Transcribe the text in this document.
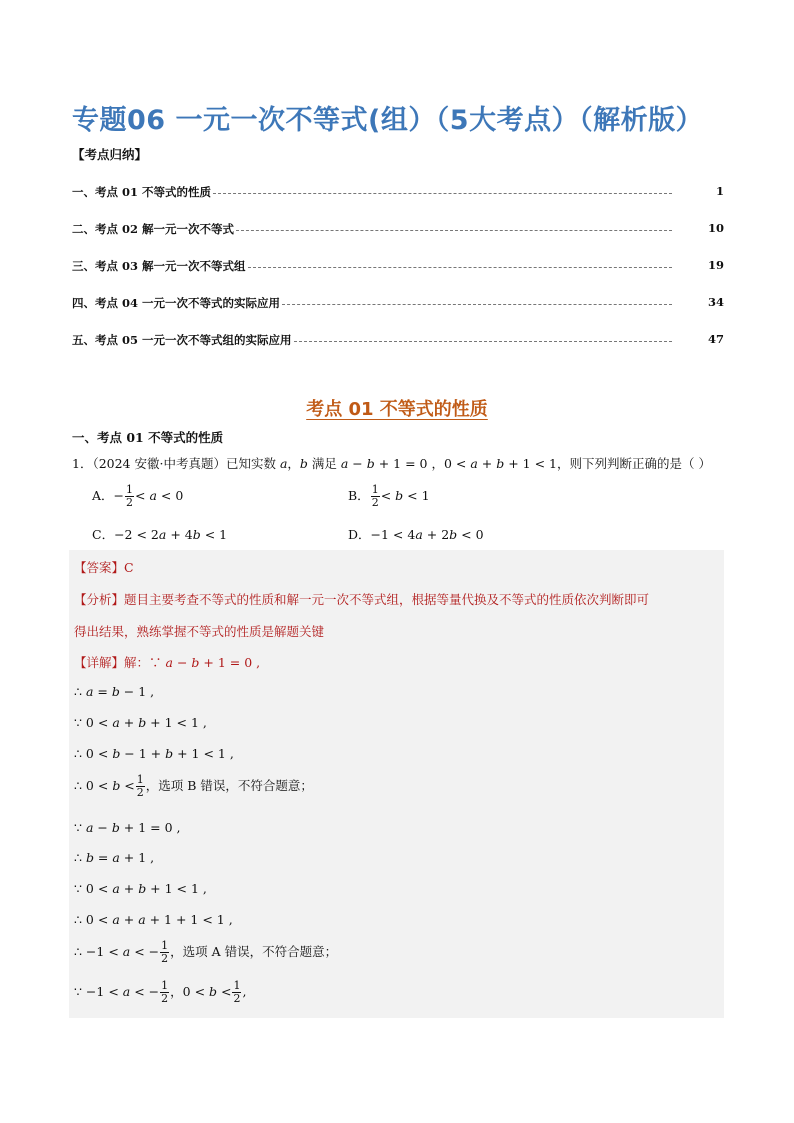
专题06 一元一次不等式(组）（5大考点）（解析版）
【考点归纳】
一、考点 01 不等式的性质	1
二、考点 02 解一元一次不等式	10
三、考点 03 解一元一次不等式组	19
四、考点 04 一元一次不等式的实际应用	34
五、考点 05 一元一次不等式组的实际应用	47
考点 01 不等式的性质
一、考点 01 不等式的性质
1．（2024 安徽·中考真题）已知实数 a，b 满足 a − b + 1 = 0 ，0 < a + b + 1 < 1，则下列判断正确的是（ ）
A．− $\frac{1}{2} < a < 0$	B． $\frac{1}{2} < b < 1$
C．−2 < 2a + 4b < 1	D．−1 < 4a + 2b < 0
【答案】C
【分析】题目主要考查不等式的性质和解一元一次不等式组，根据等量代换及不等式的性质依次判断即可
得出结果，熟练掌握不等式的性质是解题关键
【详解】解：∵ a − b + 1 = 0 ,
∴ a = b − 1 ,
∵ 0 < a + b + 1 < 1 ,
∴ 0 < b − 1 + b + 1 < 1 ,
∴ $0 < b < \frac{1}{2}$ ，选项 B 错误，不符合题意；
∵ a − b + 1 = 0 ,
∴ b = a + 1 ,
∵ 0 < a + b + 1 < 1 ,
∴ 0 < a + a + 1 + 1 < 1 ,
∴ −1 < a < − $\frac{1}{2}$ ，选项 A 错误，不符合题意；
∵ −1 < a < − $\frac{1}{2}$ ，$0 < b < \frac{1}{2}$ ,
